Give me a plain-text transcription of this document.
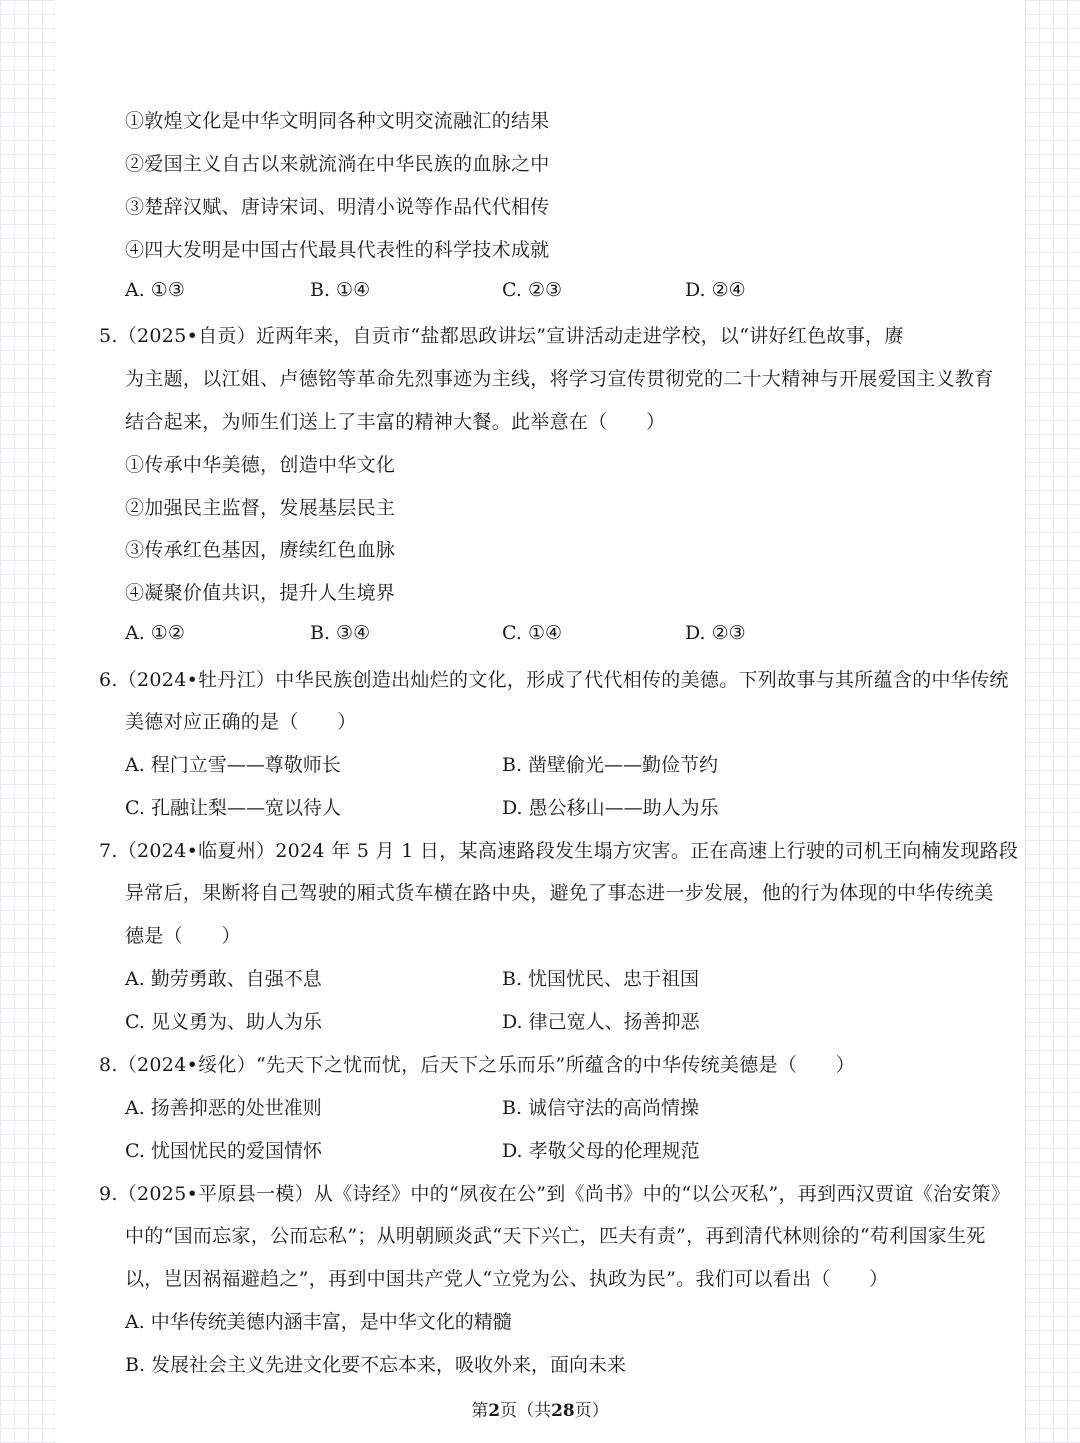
①敦煌文化是中华文明同各种文明交流融汇的结果
②爱国主义自古以来就流淌在中华民族的血脉之中
③楚辞汉赋、唐诗宋词、明清小说等作品代代相传
④四大发明是中国古代最具代表性的科学技术成就
A. ①③	B. ①④	C. ②③	D. ②④
5.（2025•自贡）近两年来，自贡市“盐都思政讲坛”宣讲活动走进学校，以“讲好红色故事，赓
为主题，以江姐、卢德铭等革命先烈事迹为主线，将学习宣传贯彻党的二十大精神与开展爱国主义教育
结合起来，为师生们送上了丰富的精神大餐。此举意在（　　）
①传承中华美德，创造中华文化
②加强民主监督，发展基层民主
③传承红色基因，赓续红色血脉
④凝聚价值共识，提升人生境界
A. ①②	B. ③④	C. ①④	D. ②③
6.（2024•牡丹江）中华民族创造出灿烂的文化，形成了代代相传的美德。下列故事与其所蕴含的中华传统
美德对应正确的是（　　）
A. 程门立雪——尊敬师长	B. 凿壁偷光——勤俭节约
C. 孔融让梨——宽以待人	D. 愚公移山——助人为乐
7.（2024•临夏州）2024 年 5 月 1 日，某高速路段发生塌方灾害。正在高速上行驶的司机王向楠发现路段
异常后，果断将自己驾驶的厢式货车横在路中央，避免了事态进一步发展，他的行为体现的中华传统美
德是（　　）
A. 勤劳勇敢、自强不息	B. 忧国忧民、忠于祖国
C. 见义勇为、助人为乐	D. 律己宽人、扬善抑恶
8.（2024•绥化）“先天下之忧而忧，后天下之乐而乐”所蕴含的中华传统美德是（　　）
A. 扬善抑恶的处世准则	B. 诚信守法的高尚情操
C. 忧国忧民的爱国情怀	D. 孝敬父母的伦理规范
9.（2025•平原县一模）从《诗经》中的“夙夜在公”到《尚书》中的“以公灭私”，再到西汉贾谊《治安策》
中的“国而忘家，公而忘私”；从明朝顾炎武“天下兴亡，匹夫有责”，再到清代林则徐的“苟利国家生死
以，岂因祸福避趋之”，再到中国共产党人“立党为公、执政为民”。我们可以看出（　　）
A. 中华传统美德内涵丰富，是中华文化的精髓
B. 发展社会主义先进文化要不忘本来，吸收外来，面向未来
第2页（共28页）
